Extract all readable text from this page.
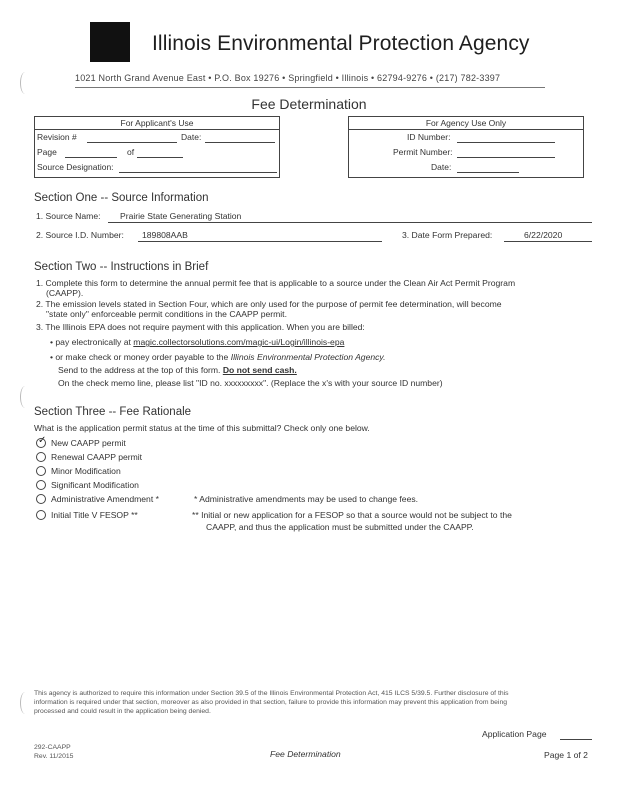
Illinois Environmental Protection Agency
1021 North Grand Avenue East • P.O. Box 19276 • Springfield • Illinois • 62794-9276 • (217) 782-3397
Fee Determination
For Applicant's Use
Revision #	Date:
Page	of
Source Designation:
For Agency Use Only
ID Number:
Permit Number:
Date:
Section One -- Source Information
1. Source Name: Prairie State Generating Station
2. Source I.D. Number: 189808AAB	3. Date Form Prepared:	6/22/2020
Section Two -- Instructions in Brief
1. Complete this form to determine the annual permit fee that is applicable to a source under the Clean Air Act Permit Program
(CAAPP).
2. The emission levels stated in Section Four, which are only used for the purpose of permit fee determination, will become
"state only" enforceable permit conditions in the CAAPP permit.
3. The Illinois EPA does not require payment with this application. When you are billed:
• pay electronically at magic.collectorsolutions.com/magic-ui/Login/illinois-epa
• or make check or money order payable to the Illinois Environmental Protection Agency.
Send to the address at the top of this form. Do not send cash.
On the check memo line, please list "ID no. xxxxxxxxx". (Replace the x's with your source ID number)
Section Three -- Fee Rationale
What is the application permit status at the time of this submittal? Check only one below.
✓ New CAAPP permit
Renewal CAAPP permit
Minor Modification
Significant Modification
Administrative Amendment *
Initial Title V FESOP **
* Administrative amendments may be used to change fees.
** Initial or new application for a FESOP so that a source would not be subject to the
CAAPP, and thus the application must be submitted under the CAAPP.
This agency is authorized to require this information under Section 39.5 of the Illinois Environmental Protection Act, 415 ILCS 5/39.5. Further disclosure of this
information is required under that section, moreover as also provided in that section, failure to provide this information may prevent this application from being
processed and could result in the application being denied.
Application Page
292-CAAPP
Rev. 11/2015	Fee Determination	Page 1 of 2
